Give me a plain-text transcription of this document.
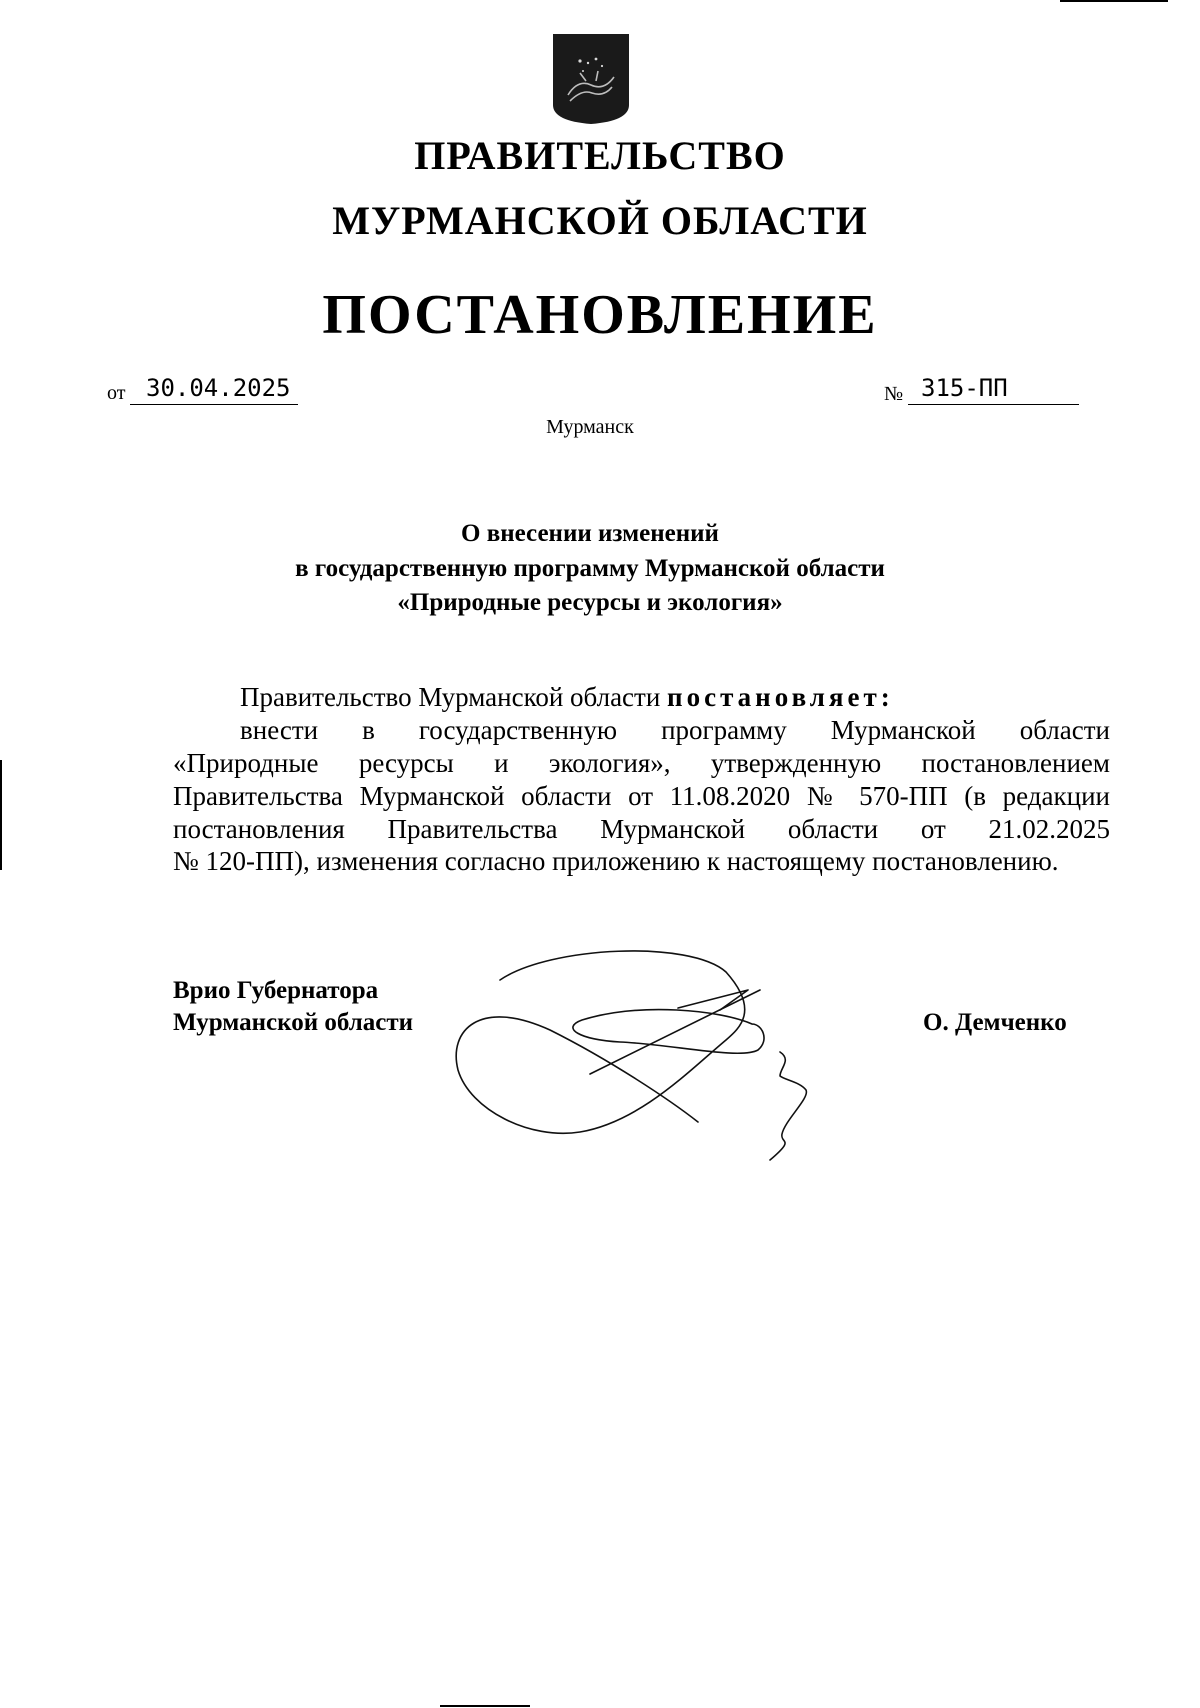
ПРАВИТЕЛЬСТВО
МУРМАНСКОЙ ОБЛАСТИ
ПОСТАНОВЛЕНИЕ
от 30.04.2025	№ 315-ПП
Мурманск
О внесении изменений
в государственную программу Мурманской области
«Природные ресурсы и экология»
Правительство Мурманской области постановляет:
внести в государственную программу Мурманской области
«Природные ресурсы и экология», утвержденную постановлением
Правительства Мурманской области от 11.08.2020 № 570-ПП (в редакции
постановления Правительства Мурманской области от 21.02.2025
№ 120-ПП), изменения согласно приложению к настоящему постановлению.
Врио Губернатора
Мурманской области	О. Демченко
